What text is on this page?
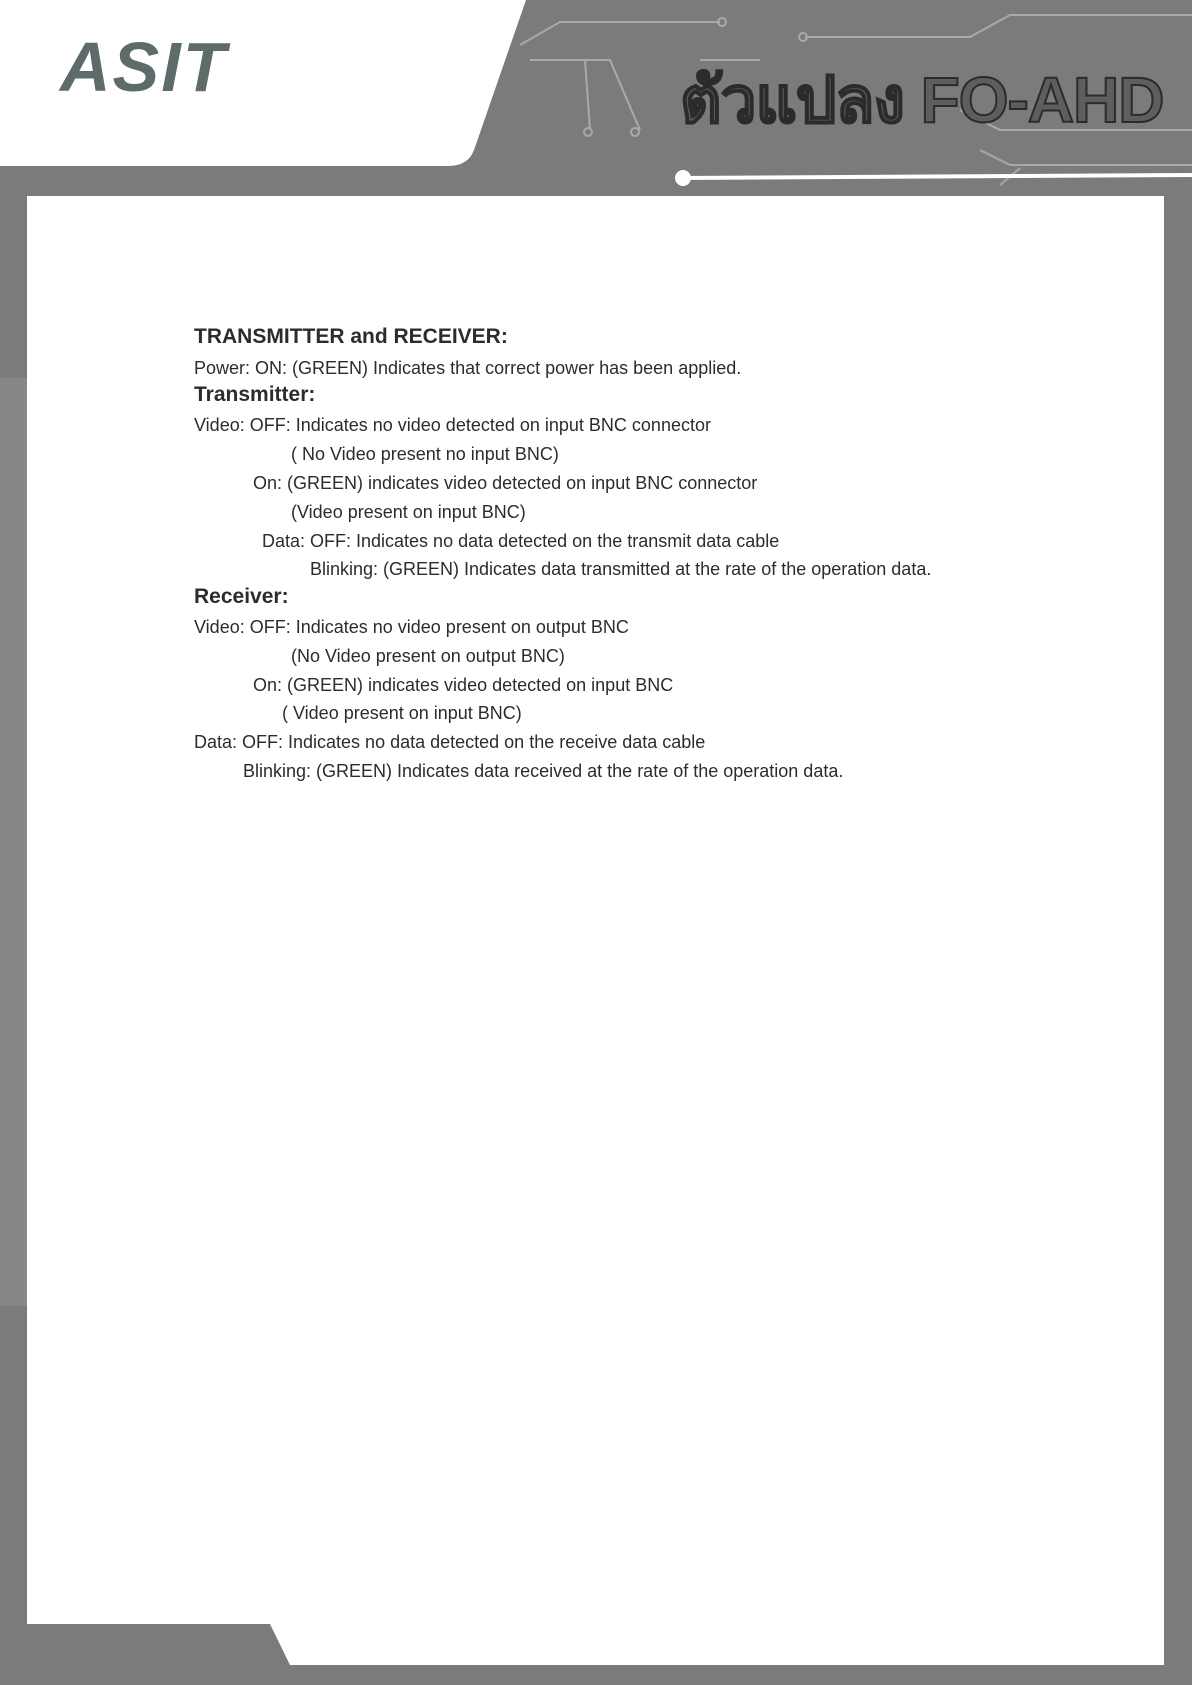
ASIT	ตัวแปลง FO-AHD
TRANSMITTER and RECEIVER:
Power: ON: (GREEN) Indicates that correct power has been applied.
Transmitter:
Video: OFF: Indicates no video detected on input BNC connector
( No Video present no input BNC)
On: (GREEN) indicates video detected on input BNC connector
(Video present on input BNC)
Data: OFF: Indicates no data detected on the transmit data cable
Blinking: (GREEN) Indicates data transmitted at the rate of the operation data.
Receiver:
Video: OFF: Indicates no video present on output BNC
(No Video present on output BNC)
On: (GREEN) indicates video detected on input BNC
( Video present on input BNC)
Data: OFF: Indicates no data detected on the receive data cable
Blinking: (GREEN) Indicates data received at the rate of the operation data.
